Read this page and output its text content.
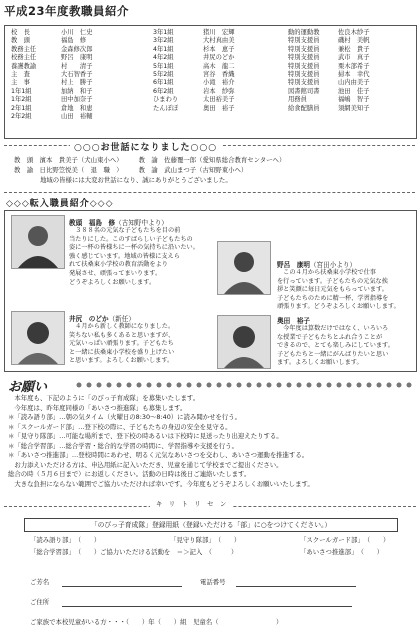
平成23年度教職員紹介
校　長	小川　仁史
教　頭	福島　修
教務主任	金森修次郎
校務主任	野呂　康明
養護教諭	村　　清子
主　査	大石智香子
主　事	村上　勝子
1年1組	加納　和子
1年2組	田中加奈子
2年1組	倉地　和恵
2年2組	山田　裕輔
3年1組	猪川　宏輝
3年2組	大村真由美
4年1組	杉本　恵子
4年2組	井尻のどか
5年1組	高木　龍二
5年2組	宮谷　香織
6年1組	小滝　裕介
6年2組	岩本　紗弥
ひまわり	太田裕美子
たんぽぽ	奥田　裕子
動的運動教	佐良木紗子
特別支援員	磯村　美帆
特別支援員	兼松　貴子
特別支援員	武市　真子
特別支援員	栗木部希子
特別支援員	掃本　幸代
特別支援員	山内由美子
図書館司書	池田　佳子
用務員	福嶋　智子
給食配膳員	須網美知子
○○○お世話になりました○○○
教　頭　濱本　貴美子（犬山東小へ）　　　教　諭　佐藤覆一郎（愛知県総合教育センターへ）
教　諭　日比野笠悦美（　退　職　）　　　教　諭　武山まつ子（古知野東小へ）
地域の皆様には大変お世話になり、誠にありがとうございました。
◇◇◇転入職員紹介◇◇◇
教頭　福島　修（古知野中より）
　３８８名の元気な子どもたちを目の前
当たりにした。このすばらしい子どもたちの
姿に一杯の皆様ちに一杯の気持ちに沿いたい。
強く感じています。地域の皆様に支えら
れて扶桑東小学校の教育活動をより
発展させ、頑張ってまいります。
どうぞよろしくお願いします。
野呂　康明（宮田小より）
　この４月から扶桑東小学校で仕事
を行っています。子どもたちの元気な挨
拶と笑顔に毎日元気をもらっています。
子どもたちのために精一杯、学習指導を
頑張ります。どうぞよろしくお願いします。
井尻　のどか（新任）
　４月から新しく教師になりました。
笑ちない私も多くあると思いますが、
元気いっぱい頑張ります。子どもたち
と一緒に扶桑東小学校を盛り上げたい
と思います。よろしくお願いします。
奥田　裕子
　今年度は算数だけではなく、いろいろ
な授業で子どもたちとふれ合うことが
できるので、とても楽しみにしています。
子どもたちと一緒にがんばりたいと思い
ます。よろしくお願いします。
お願い
　本年度も、下記のように「のびっ子育成隊」を募集いたします。
　今年度は、昨年度同様の「あいさつ推進隊」も募集します。
＊「読み語り部」…朝の気タイム（火曜日の8:30～8:40）に読み聞かせを行う。
＊「スクールガード部」…登下校の際に、子どもたちの身辺の安全を見守る。
＊「見守り隊部」…可能な場所まで、登下校の時あるいは下校時に見送ったり出迎えたりする。
＊「総合学習部」…総合学習・総合的な学習の時間に、学習指導や支援を行う。
＊「あいさつ推進部」…登校時間にあわせ、明るく元気なあいさつを交わし、あいさつ運動を推進する。
　お力添えいただける方は、申込用紙に記入いただき、児童を通じて学校までご提出ください。
総合の時（５月６日まで）にお返しください。活動の日時は後日ご連絡いたします。
　大きな負担にならない範囲でご協力いただければ幸いです。今年度もどうぞよろしくお願いいたします。
キ　リ　ト　リ　セ　ン
「のびっ子育成隊」登録用紙（登録いただける「部」に○をつけてください。）
「読み語り部」　（　　）	「見守り隊部」　（　　）	「スクールガード部」　（　　）
「総合学習部」　（　　） ご協力いただける活動を　＝＞記入　（　　　）	「あいさつ推進部」　（　　）
ご芳名	電話番号
ご住所
ご家族で本校児童がいる方・・・（　　 ）年（　　 ）組　児童名（　　　　　　　　　）
